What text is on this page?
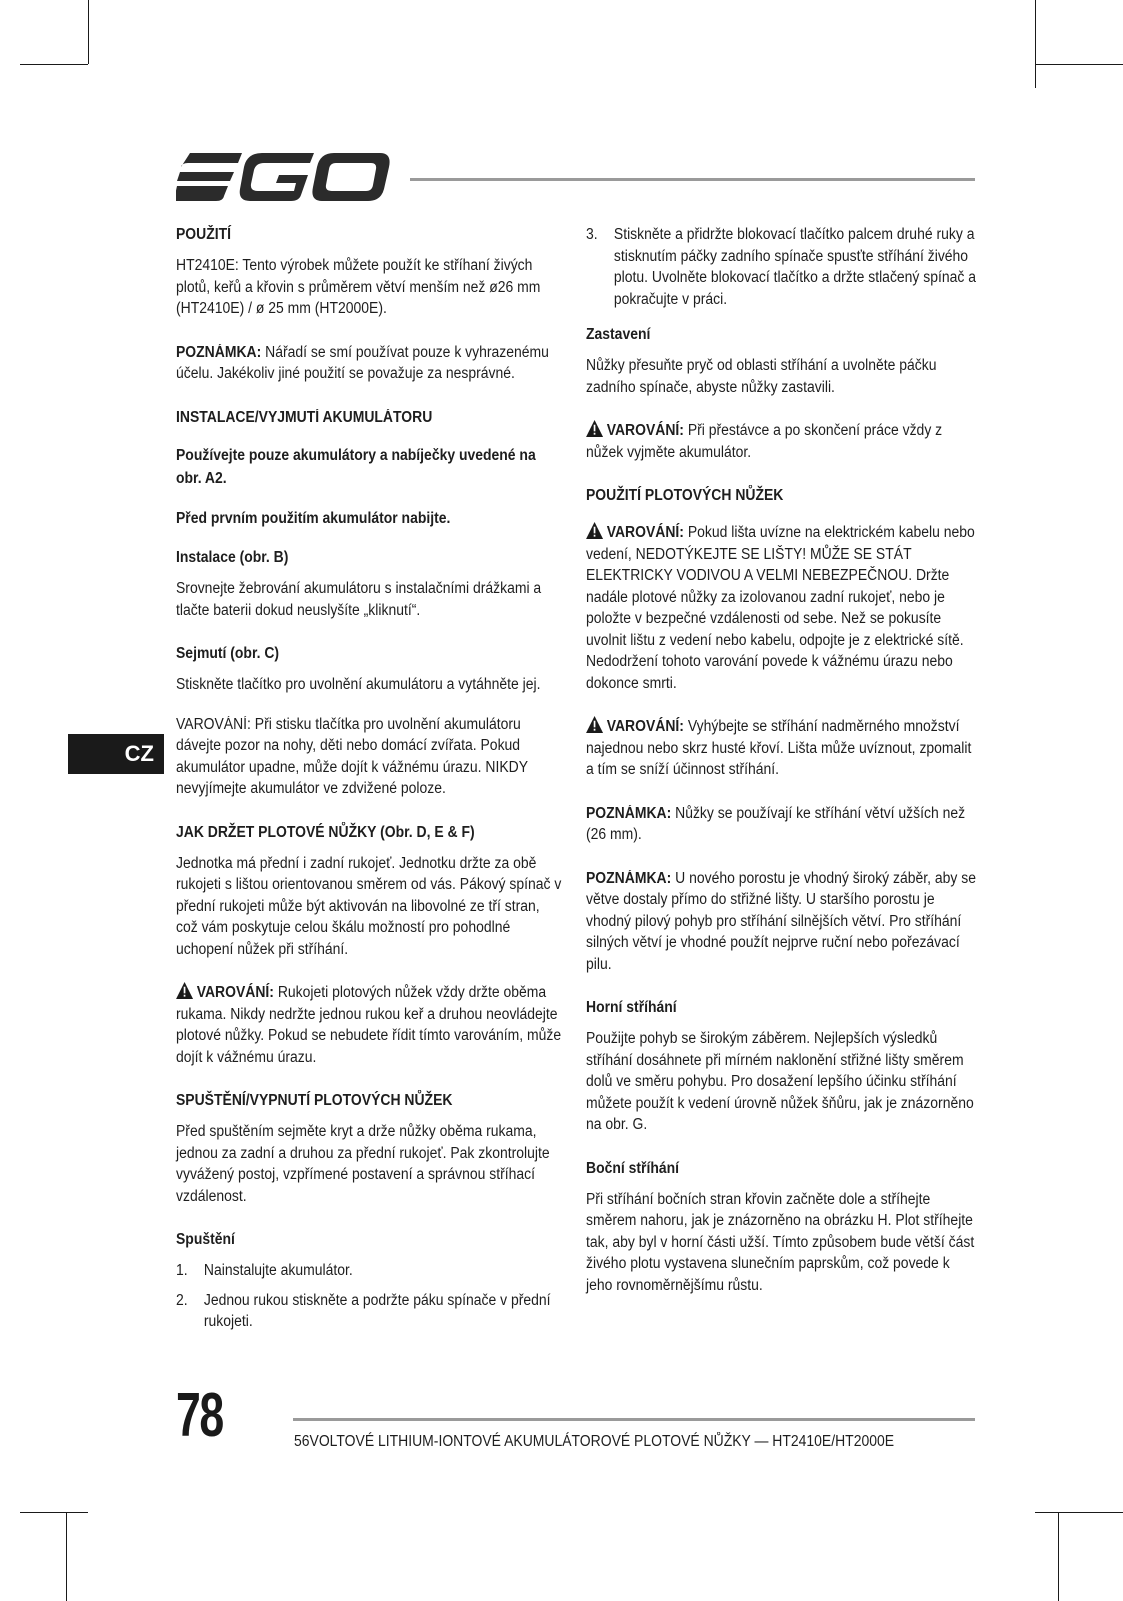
CZ
POUŽITÍ

HT2410E: Tento výrobek můžete použít ke stříhaní živých plotů, keřů a křovin s průměrem větví menším než ø26 mm (HT2410E) / ø 25 mm (HT2000E).

POZNÁMKA: Nářadí se smí používat pouze k vyhrazenému účelu. Jakékoliv jiné použití se považuje za nesprávné.

INSTALACE/VYJMUTÍ AKUMULÁTORU

Používejte pouze akumulátory a nabíječky uvedené na obr. A2.

Před prvním použitím akumulátor nabijte.

Instalace (obr. B)

Srovnejte žebrování akumulátoru s instalačními drážkami a tlačte baterii dokud neuslyšíte „kliknutí“.

Sejmutí (obr. C)

Stiskněte tlačítko pro uvolnění akumulátoru a vytáhněte jej.

VAROVÁNÍ: Při stisku tlačítka pro uvolnění akumulátoru dávejte pozor na nohy, děti nebo domácí zvířata. Pokud akumulátor upadne, může dojít k vážnému úrazu. NIKDY nevyjímejte akumulátor ve zdvižené poloze.

JAK DRŽET PLOTOVÉ NŮŽKY (Obr. D, E & F)

Jednotka má přední i zadní rukojeť. Jednotku držte za obě rukojeti s lištou orientovanou směrem od vás. Pákový spínač v přední rukojeti může být aktivován na libovolné ze tří stran, což vám poskytuje celou škálu možností pro pohodlné uchopení nůžek při stříhání.

VAROVÁNÍ: Rukojeti plotových nůžek vždy držte oběma rukama. Nikdy nedržte jednou rukou keř a druhou neovládejte plotové nůžky. Pokud se nebudete řídit tímto varováním, může dojít k vážnému úrazu.

SPUŠTĚNÍ/VYPNUTÍ PLOTOVÝCH NŮŽEK

Před spuštěním sejměte kryt a drže nůžky oběma rukama, jednou za zadní a druhou za přední rukojeť. Pak zkontrolujte vyvážený postoj, vzpřímené postavení a správnou stříhací vzdálenost.

Spuštění
1. Nainstalujte akumulátor.
2. Jednou rukou stiskněte a podržte páku spínače v přední rukojeti.
3. Stiskněte a přidržte blokovací tlačítko palcem druhé ruky a stisknutím páčky zadního spínače spusťte stříhání živého plotu. Uvolněte blokovací tlačítko a držte stlačený spínač a pokračujte v práci.
Zastavení

Nůžky přesuňte pryč od oblasti stříhání a uvolněte páčku zadního spínače, abyste nůžky zastavili.

VAROVÁNÍ: Při přestávce a po skončení práce vždy z nůžek vyjměte akumulátor.

POUŽITÍ PLOTOVÝCH NŮŽEK

VAROVÁNÍ: Pokud lišta uvízne na elektrickém kabelu nebo vedení, NEDOTÝKEJTE SE LIŠTY! MŮŽE SE STÁT ELEKTRICKY VODIVOU A VELMI NEBEZPEČNOU. Držte nadále plotové nůžky za izolovanou zadní rukojeť, nebo je položte v bezpečné vzdálenosti od sebe. Než se pokusíte uvolnit lištu z vedení nebo kabelu, odpojte je z elektrické sítě. Nedodržení tohoto varování povede k vážnému úrazu nebo dokonce smrti.

VAROVÁNÍ: Vyhýbejte se stříhání nadměrného množství najednou nebo skrz husté křoví. Lišta může uvíznout, zpomalit a tím se sníží účinnost stříhání.

POZNÁMKA: Nůžky se používají ke stříhání větví užších než (26 mm).

POZNÁMKA: U nového porostu je vhodný široký záběr, aby se větve dostaly přímo do střižné lišty. U staršího porostu je vhodný pilový pohyb pro stříhání silnějších větví. Pro stříhání silných větví je vhodné použít nejprve ruční nebo pořezávací pilu.

Horní stříhání

Použijte pohyb se širokým záběrem. Nejlepších výsledků stříhání dosáhnete při mírném naklonění střižné lišty směrem dolů ve směru pohybu. Pro dosažení lepšího účinku stříhání můžete použít k vedení úrovně nůžek šňůru, jak je znázorněno na obr. G.

Boční stříhání

Při stříhání bočních stran křovin začněte dole a stříhejte směrem nahoru, jak je znázorněno na obrázku H. Plot stříhejte tak, aby byl v horní části užší. Tímto způsobem bude větší část živého plotu vystavena slunečním paprskům, což povede k jeho rovnoměrnějšímu růstu.

78	56VOLTOVÉ LITHIUM-IONTOVÉ AKUMULÁTOROVÉ PLOTOVÉ NŮŽKY — HT2410E/HT2000E
